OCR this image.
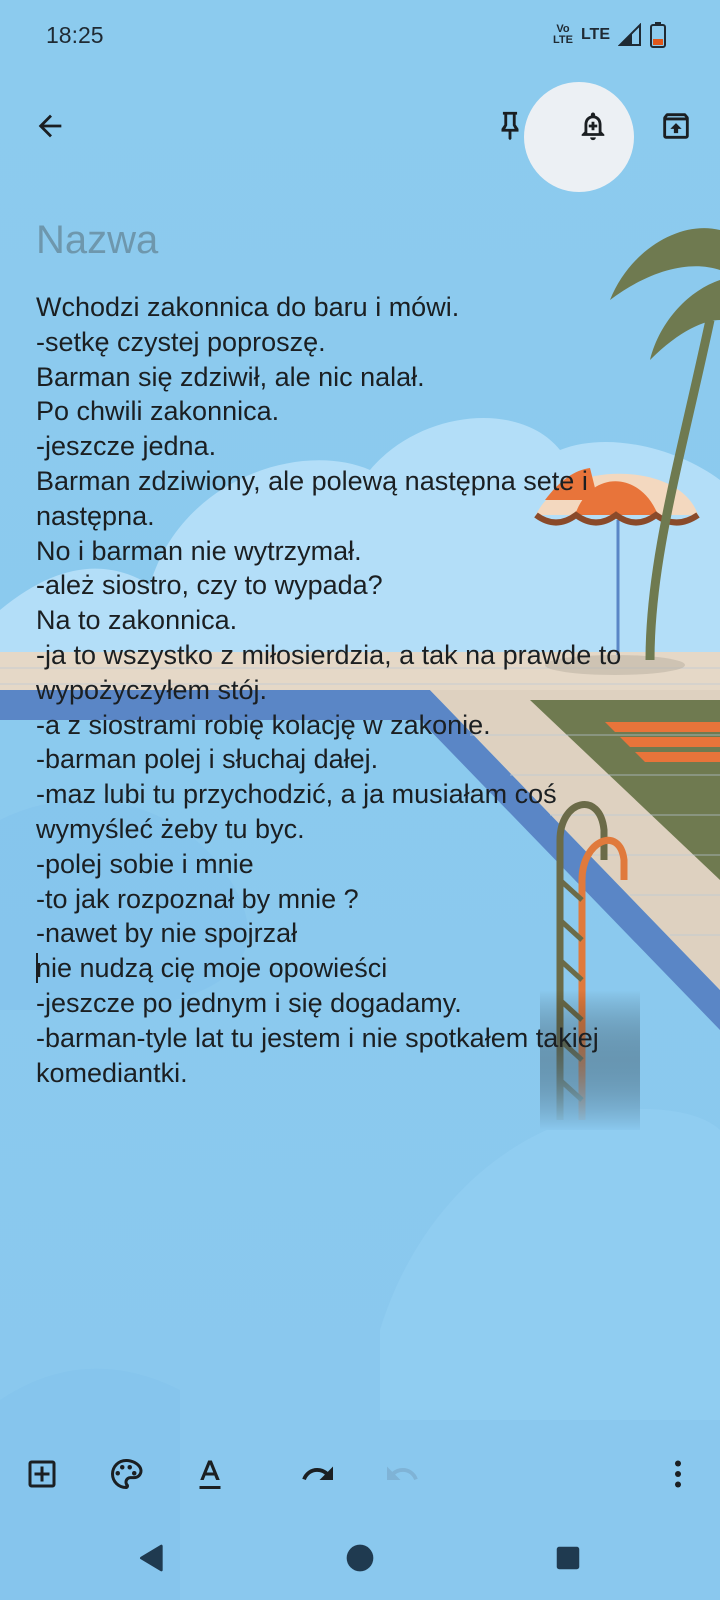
18:25	Vo
LTE LTE
Nazwa
Wchodzi zakonnica do baru i mówi.
-setkę czystej poproszę.
Barman się zdziwił, ale nic nalał.
Po chwili zakonnica.
-jeszcze jedna.
Barman zdziwiony, ale polewą następna sete i
następna.
No i barman nie wytrzymał.
-ależ siostro, czy to wypada?
Na to zakonnica.
-ja to wszystko z miłosierdzia, a tak na prawde to
wypożyczyłem stój.
-a z siostrami robię kolację w zakonie.
-barman polej i słuchaj dałej.
-maz lubi tu przychodzić, a ja musiałam coś
wymyśleć żeby tu byc.
-polej sobie i mnie
-to jak rozpoznał by mnie ?
-nawet by nie spojrzał
nie nudzą cię moje opowieści
-jeszcze po jednym i się dogadamy.
-barman-tyle lat tu jestem i nie spotkałem takiej
komediantki.
